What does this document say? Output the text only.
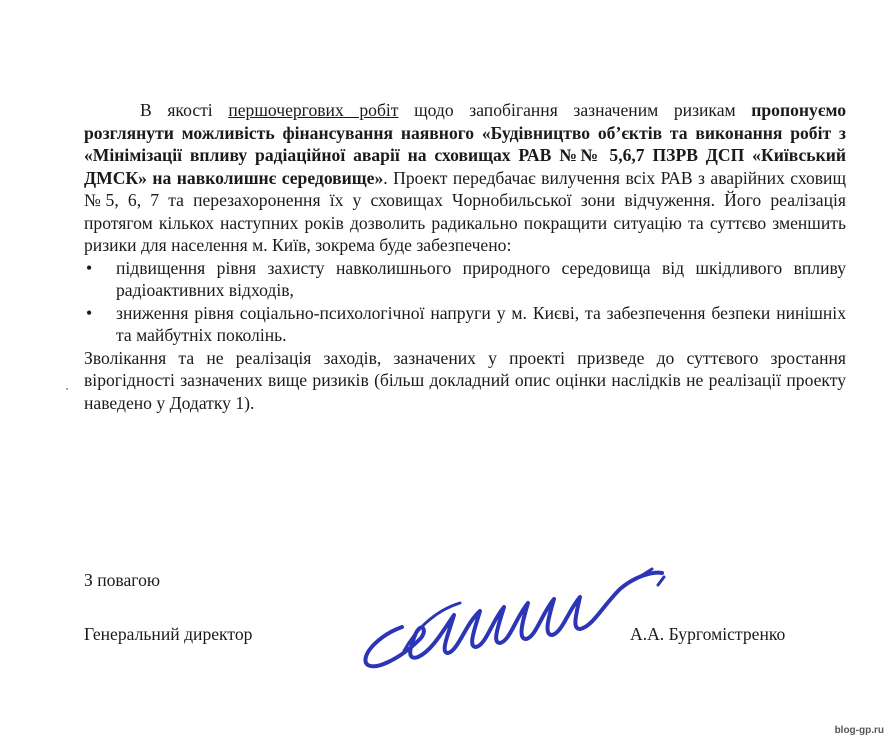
В якості першочергових робіт щодо запобігання зазначеним ризикам пропонуємо розглянути можливість фінансування наявного «Будівництво об’єктів та виконання робіт з «Мінімізації впливу радіаційної аварії на сховищах РАВ №№ 5,6,7 ПЗРВ ДСП «Київський ДМСК» на навколишнє середовище». Проект передбачає вилучення всіх РАВ з аварійних сховищ №5, 6, 7 та перезахоронення їх у сховищах Чорнобильської зони відчуження. Його реалізація протягом кількох наступних років дозволить радикально покращити ситуацію та суттєво зменшить ризики для населення м. Київ, зокрема буде забезпечено:

• підвищення рівня захисту навколишнього природного середовища від шкідливого впливу радіоактивних відходів,
• зниження рівня соціально-психологічної напруги у м. Києві, та забезпечення безпеки нинішніх та майбутніх поколінь.

Зволікання та не реалізація заходів, зазначених у проекті призведе до суттєвого зростання вірогідності зазначених вище ризиків (більш докладний опис оцінки наслідків не реалізації проекту наведено у Додатку 1).

З повагою
Генеральний директор	А.А. Бургомістренко
blog-gp.ru
